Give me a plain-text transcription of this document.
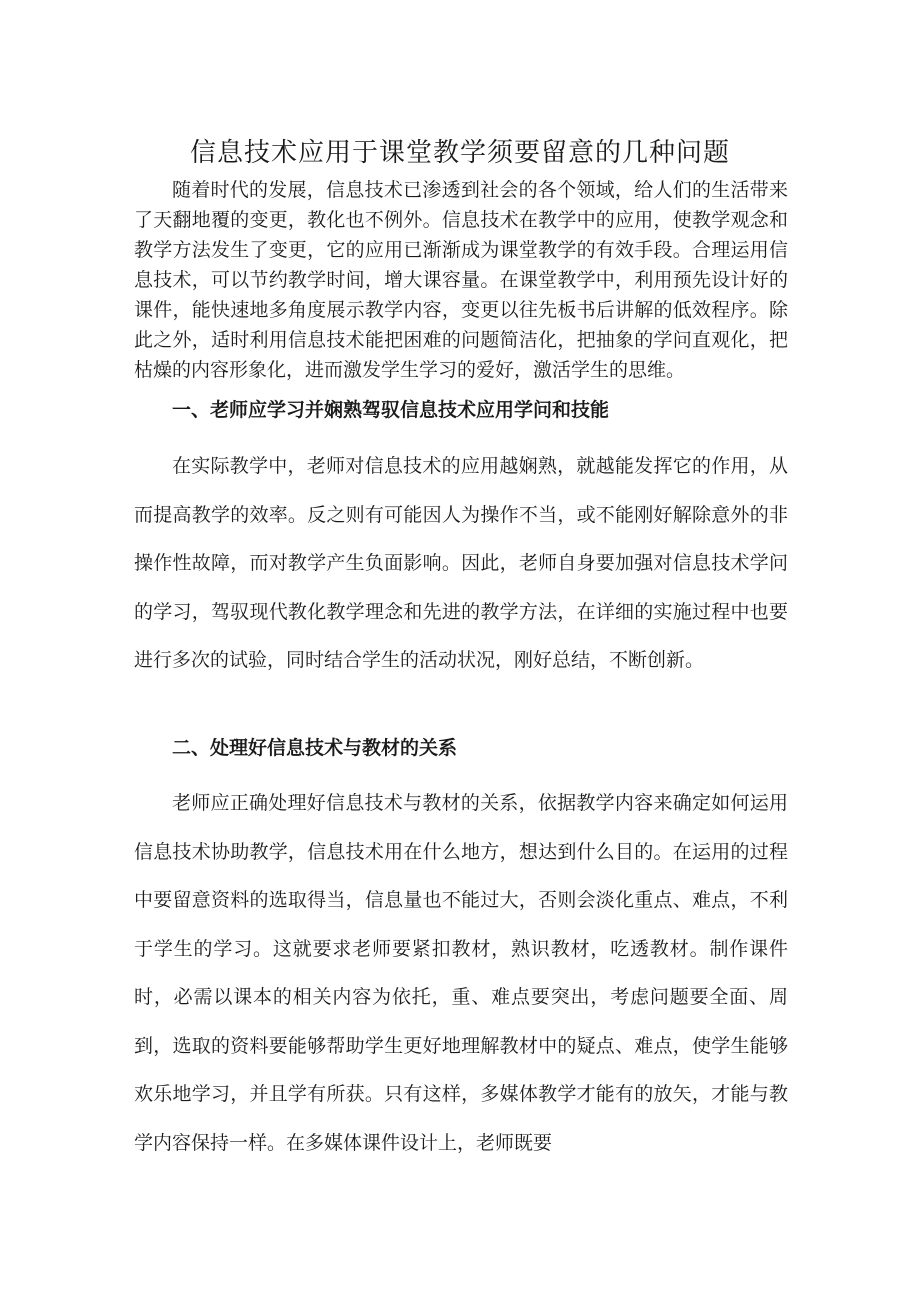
信息技术应用于课堂教学须要留意的几种问题

随着时代的发展，信息技术已渗透到社会的各个领域，给人们的生活带来了天翻地覆的变更，教化也不例外。信息技术在教学中的应用，使教学观念和教学方法发生了变更，它的应用已渐渐成为课堂教学的有效手段。合理运用信息技术，可以节约教学时间，增大课容量。在课堂教学中，利用预先设计好的课件，能快速地多角度展示教学内容，变更以往先板书后讲解的低效程序。除此之外，适时利用信息技术能把困难的问题简洁化，把抽象的学问直观化，把枯燥的内容形象化，进而激发学生学习的爱好，激活学生的思维。

一、老师应学习并娴熟驾驭信息技术应用学问和技能

在实际教学中，老师对信息技术的应用越娴熟，就越能发挥它的作用，从而提高教学的效率。反之则有可能因人为操作不当，或不能刚好解除意外的非操作性故障，而对教学产生负面影响。因此，老师自身要加强对信息技术学问的学习，驾驭现代教化教学理念和先进的教学方法，在详细的实施过程中也要进行多次的试验，同时结合学生的活动状况，刚好总结，不断创新。

二、处理好信息技术与教材的关系

老师应正确处理好信息技术与教材的关系，依据教学内容来确定如何运用信息技术协助教学，信息技术用在什么地方，想达到什么目的。在运用的过程中要留意资料的选取得当，信息量也不能过大，否则会淡化重点、难点，不利于学生的学习。这就要求老师要紧扣教材，熟识教材，吃透教材。制作课件时，必需以课本的相关内容为依托，重、难点要突出，考虑问题要全面、周到，选取的资料要能够帮助学生更好地理解教材中的疑点、难点，使学生能够欢乐地学习，并且学有所获。只有这样，多媒体教学才能有的放矢，才能与教学内容保持一样。在多媒体课件设计上，老师既要
